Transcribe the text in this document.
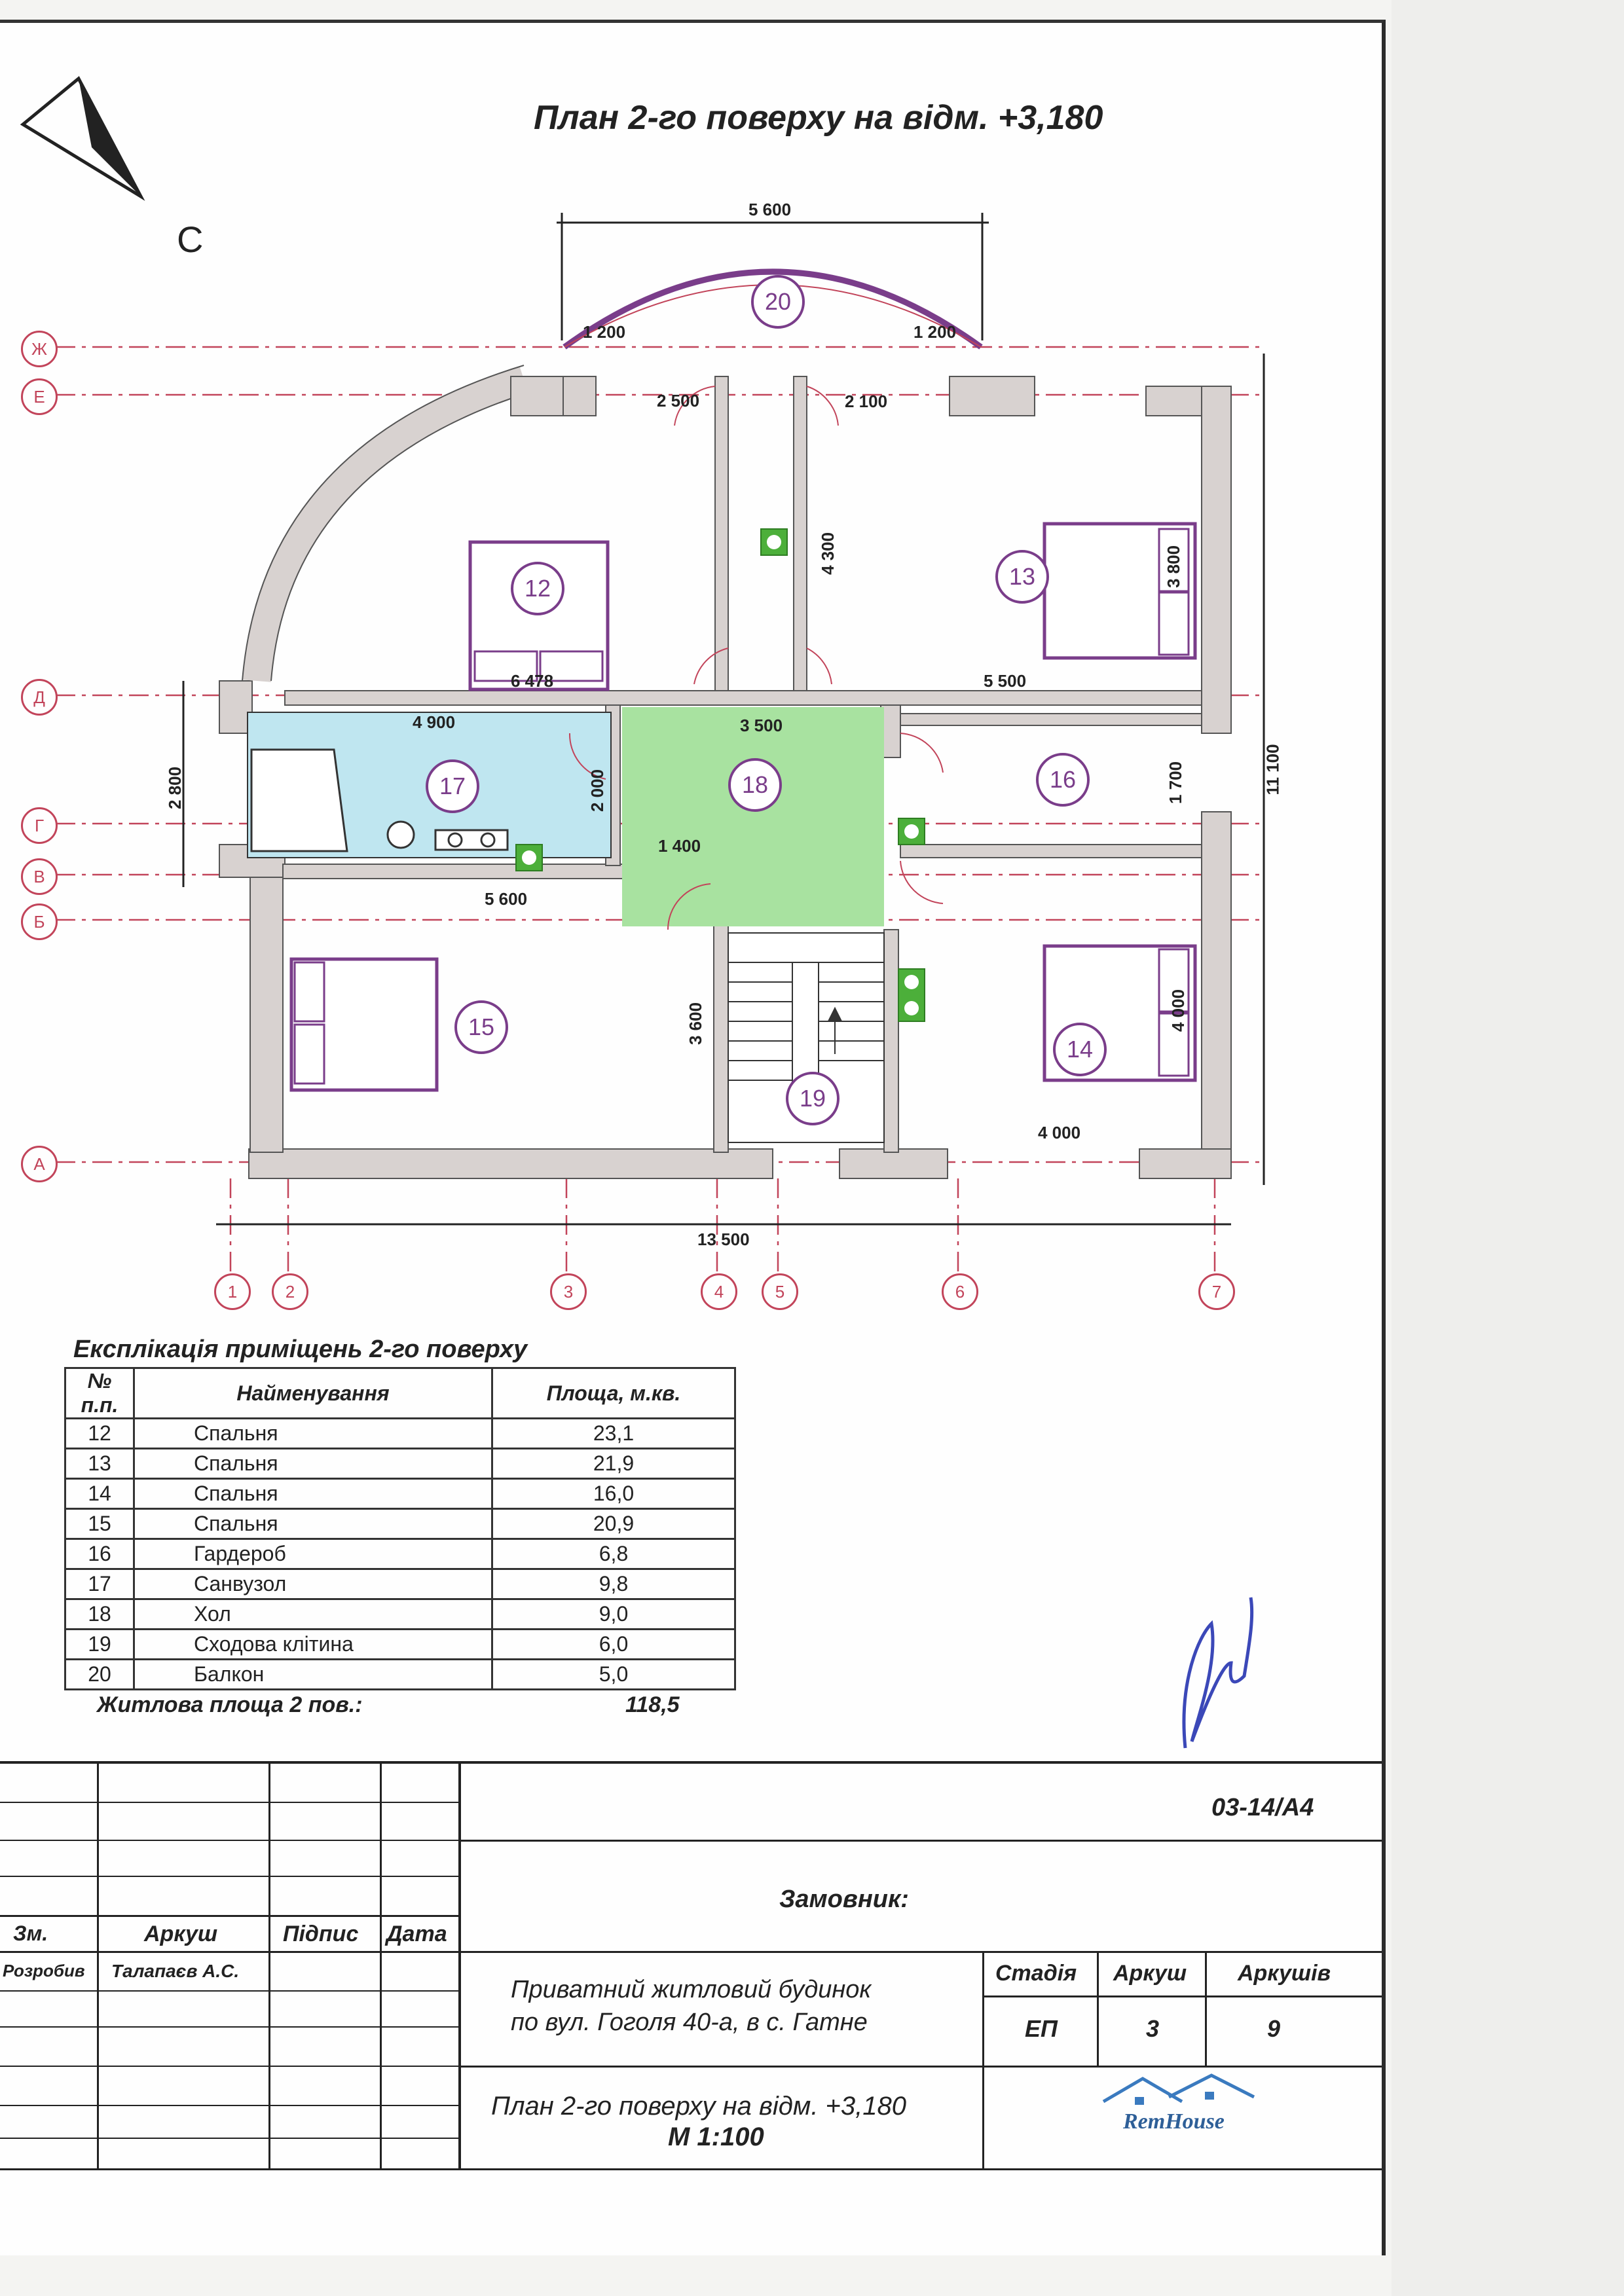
План 2-го поверху на відм. +3,180
С
5 600
1 200	1 200
2 500	2 100
4 300	3 800
6 478	5 500
4 900	3 500
2 800	2 000	1 700	11 100
1 400
5 600
3 600	4 000
4 000
13 500
Ж
Е
Д
Г
В
Б
А
1	2	3	4	5	6	7
12	13
14
15
16
17	18
19
20
Експлікація приміщень 2-го поверху
№ п.п.	Найменування	Площа, м.кв.
12	Спальня	23,1
13	Спальня	21,9
14	Спальня	16,0
15	Спальня	20,9
16	Гардероб	6,8
17	Санвузол	9,8
18	Хол	9,0
19	Сходова клітина	6,0
20	Балкон	5,0
Житлова площа 2 пов.:	118,5
03-14/А4
Замовник:
Зм.	Аркуш	Підпис Дата
Розробив Талапаєв А.С.
Приватний житловий будинок
по вул. Гоголя 40-а, в с. Гатне
Стадія Аркуш Аркушів
ЕП	3	9
План 2-го поверху на відм. +3,180
М 1:100
RemHouse
